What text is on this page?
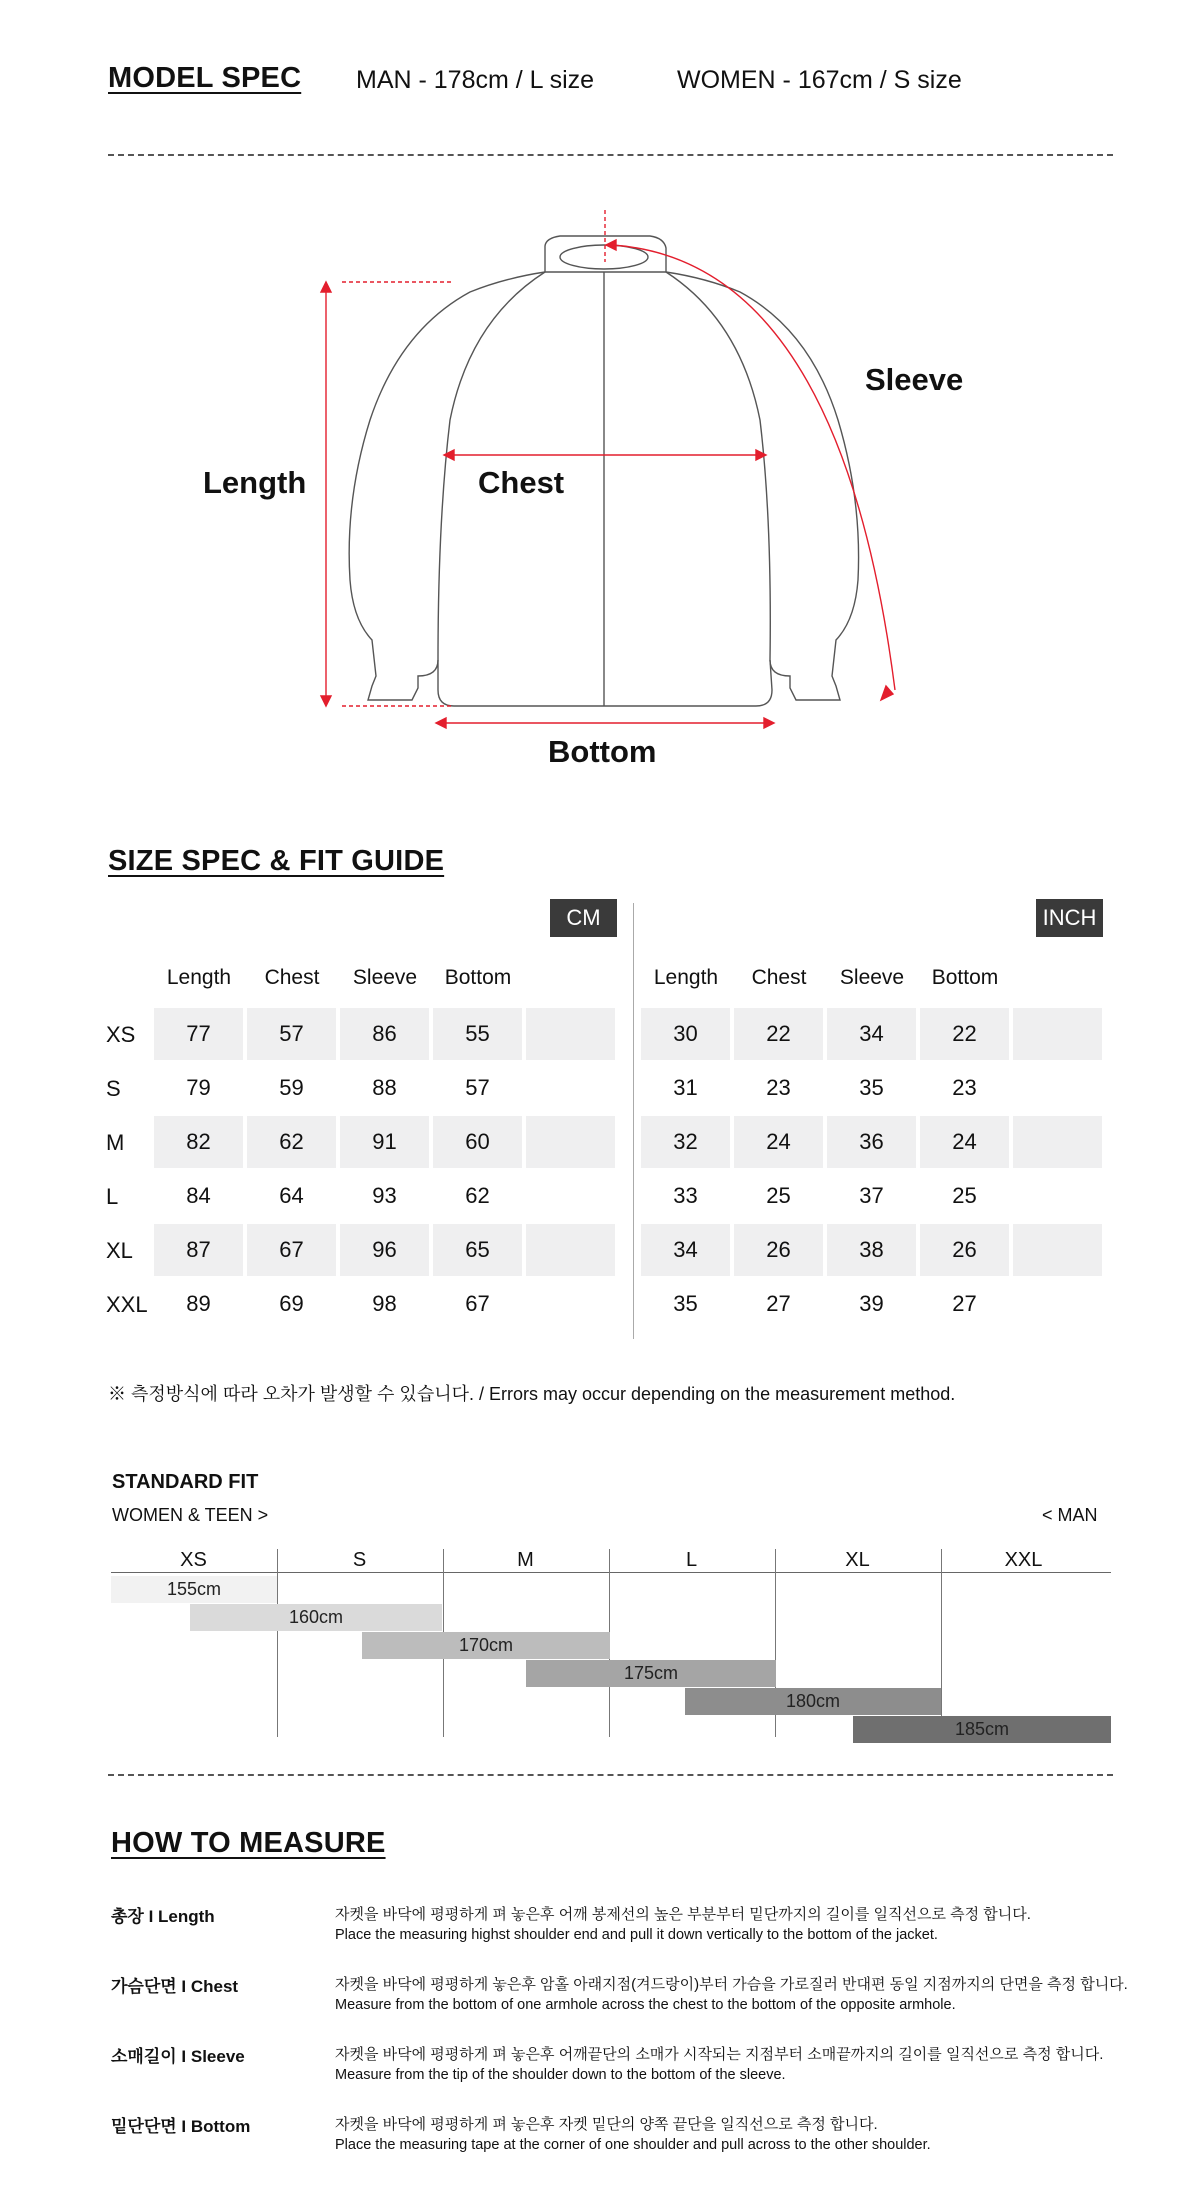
MODEL SPEC MAN - 178cm / L size	WOMEN - 167cm / S size
Length	Chest
Sleeve
Bottom
SIZE SPEC & FIT GUIDE
CM	INCH
Length	Chest	Sleeve	Bottom	Length	Chest	Sleeve	Bottom
XS	77	57	86	55	30	22	34	22
S	79	59	88	57	31	23	35	23
M	82	62	91	60	32	24	36	24
L	84	64	93	62	33	25	37	25
XL	87	67	96	65	34	26	38	26
XXL	89	69	98	67	35	27	39	27
※ 측정방식에 따라 오차가 발생할 수 있습니다. / Errors may occur depending on the measurement method.
STANDARD FIT
WOMEN & TEEN >	< MAN
XS	S	M	L	XL	XXL
155cm
160cm
170cm
175cm
180cm
185cm
HOW TO MEASURE
총장 I Length	자켓을 바닥에 평평하게 펴 놓은후 어깨 봉제선의 높은 부분부터 밑단까지의 길이를 일직선으로 측정 합니다.
Place the measuring highst shoulder end and pull it down vertically to the bottom of the jacket.
가슴단면 I Chest	자켓을 바닥에 평평하게 놓은후 암홀 아래지점(겨드랑이)부터 가슴을 가로질러 반대편 동일 지점까지의 단면을 측정 합니다.
Measure from the bottom of one armhole across the chest to the bottom of the opposite armhole.
소매길이 I Sleeve	자켓을 바닥에 평평하게 펴 놓은후 어깨끝단의 소매가 시작되는 지점부터 소매끝까지의 길이를 일직선으로 측정 합니다.
Measure from the tip of the shoulder down to the bottom of the sleeve.
밑단단면 I Bottom	자켓을 바닥에 평평하게 펴 놓은후 자켓 밑단의 양쪽 끝단을 일직선으로 측정 합니다.
Place the measuring tape at the corner of one shoulder and pull across to the other shoulder.
